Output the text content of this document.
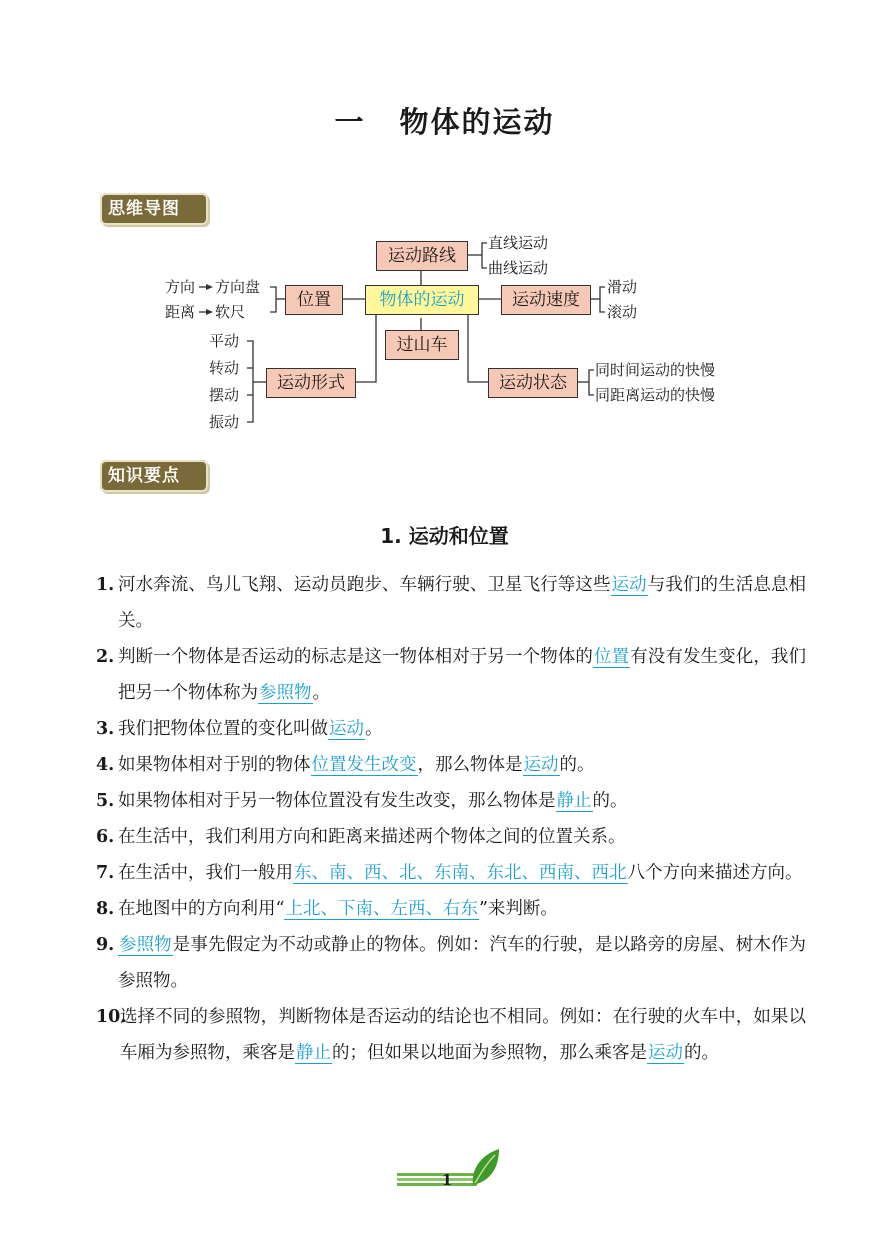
一 物体的运动
思维导图
物体的运动
运动路线
位置	运动速度
过山车
运动形式	运动状态
直线运动
曲线运动
方向 方向盘
距离 软尺
滑动
滚动
同时间运动的快慢
同距离运动的快慢
平动
转动
摆动
振动
知识要点
1. 运动和位置
1. 河水奔流、鸟儿飞翔、运动员跑步、车辆行驶、卫星飞行等这些运动与我们的生活息息相关。
2. 判断一个物体是否运动的标志是这一物体相对于另一个物体的位置有没有发生变化，我们把另一个物体称为参照物。
3. 我们把物体位置的变化叫做运动。
4. 如果物体相对于别的物体位置发生改变，那么物体是运动的。
5. 如果物体相对于另一物体位置没有发生改变，那么物体是静止的。
6. 在生活中，我们利用方向和距离来描述两个物体之间的位置关系。
7. 在生活中，我们一般用东、南、西、北、东南、东北、西南、西北八个方向来描述方向。
8. 在地图中的方向利用“上北、下南、左西、右东”来判断。
9. 参照物是事先假定为不动或静止的物体。例如：汽车的行驶，是以路旁的房屋、树木作为参照物。
10.
选择不同的参照物，判断物体是否运动的结论也不相同。例如：在行驶的火车中，如果以车厢为参照物，乘客是静止的；但如果以地面为参照物，那么乘客是运动的。
1
